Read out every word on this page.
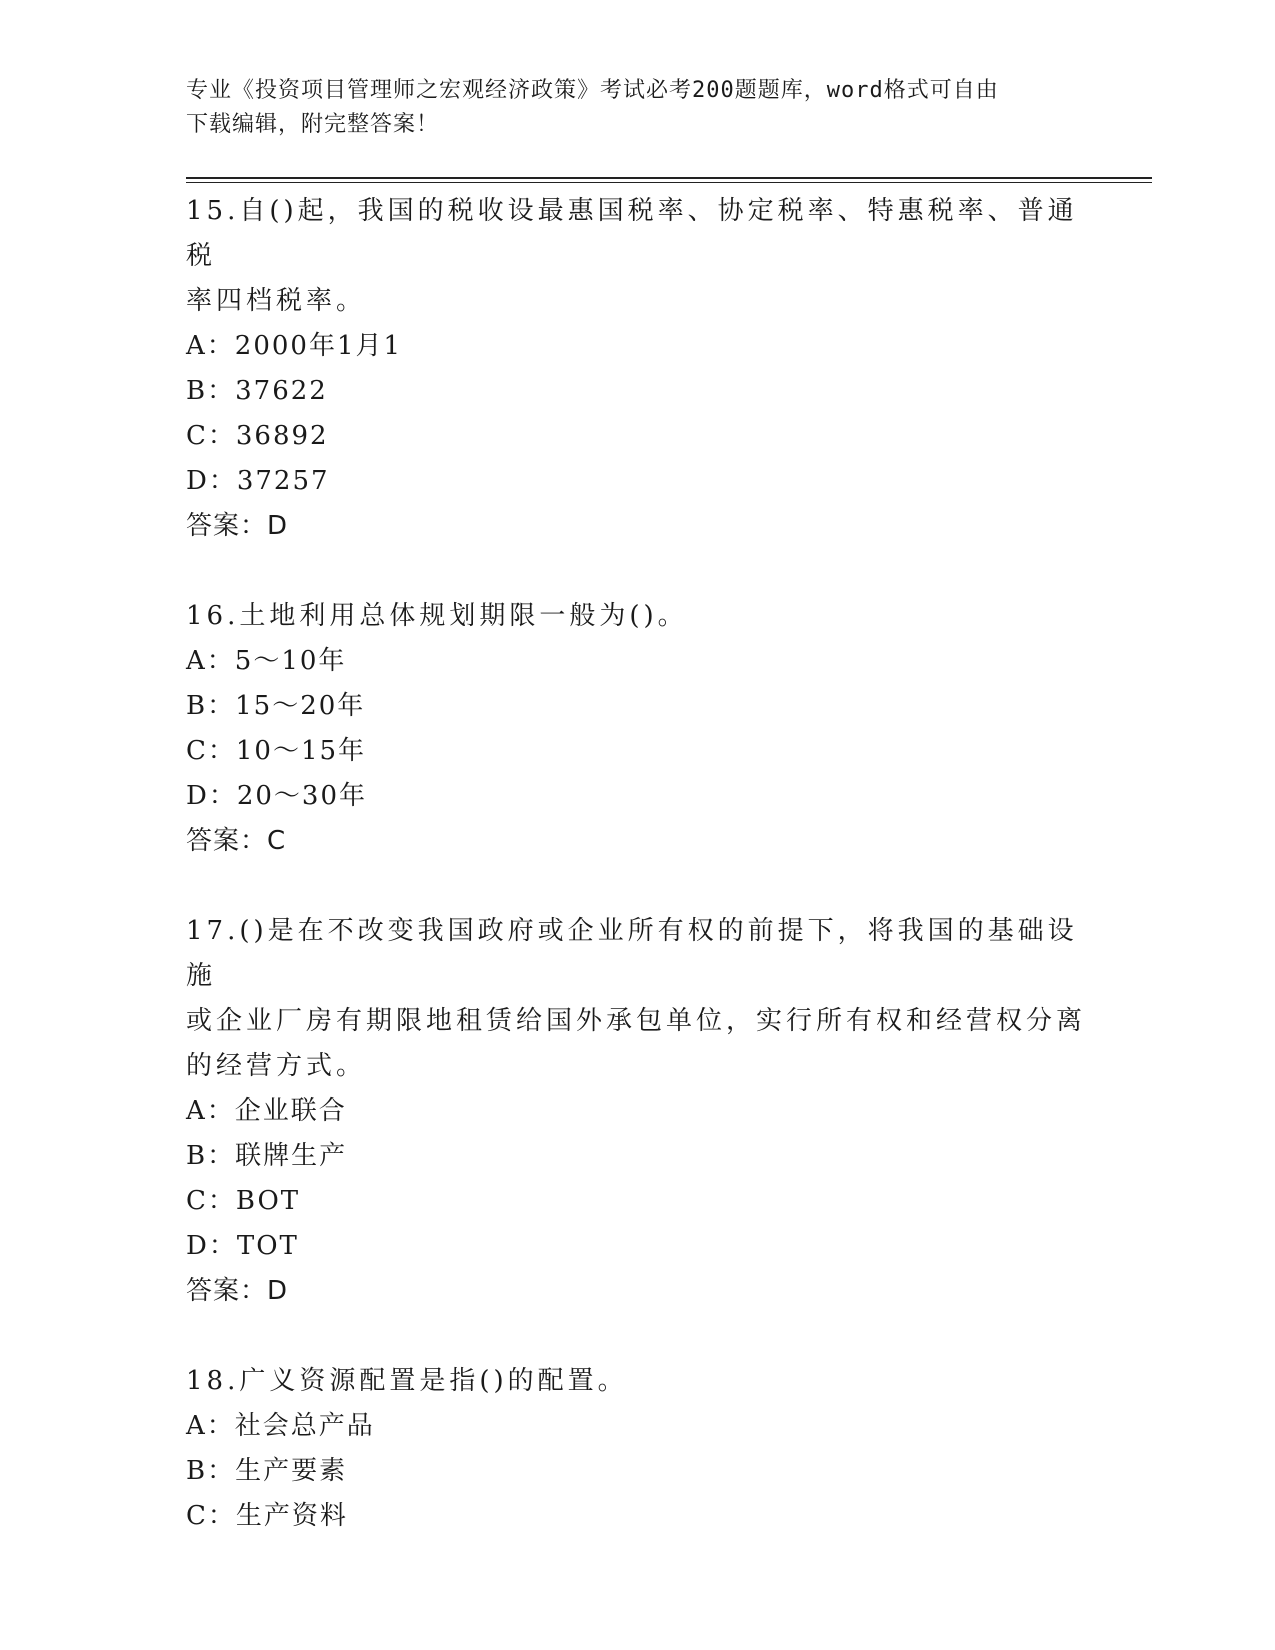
专业《投资项目管理师之宏观经济政策》考试必考200题题库，word格式可自由
下载编辑，附完整答案！

15.自()起，我国的税收设最惠国税率、协定税率、特惠税率、普通税

率四档税率。

A：2000年1月1

B：37622

C：36892

D：37257

答案：D

16.土地利用总体规划期限一般为()。

A：5～10年

B：15～20年

C：10～15年

D：20～30年

答案：C

17.()是在不改变我国政府或企业所有权的前提下，将我国的基础设施

或企业厂房有期限地租赁给国外承包单位，实行所有权和经营权分离

的经营方式。

A：企业联合

B：联牌生产

C：BOT

D：TOT

答案：D

18.广义资源配置是指()的配置。

A：社会总产品

B：生产要素

C：生产资料
